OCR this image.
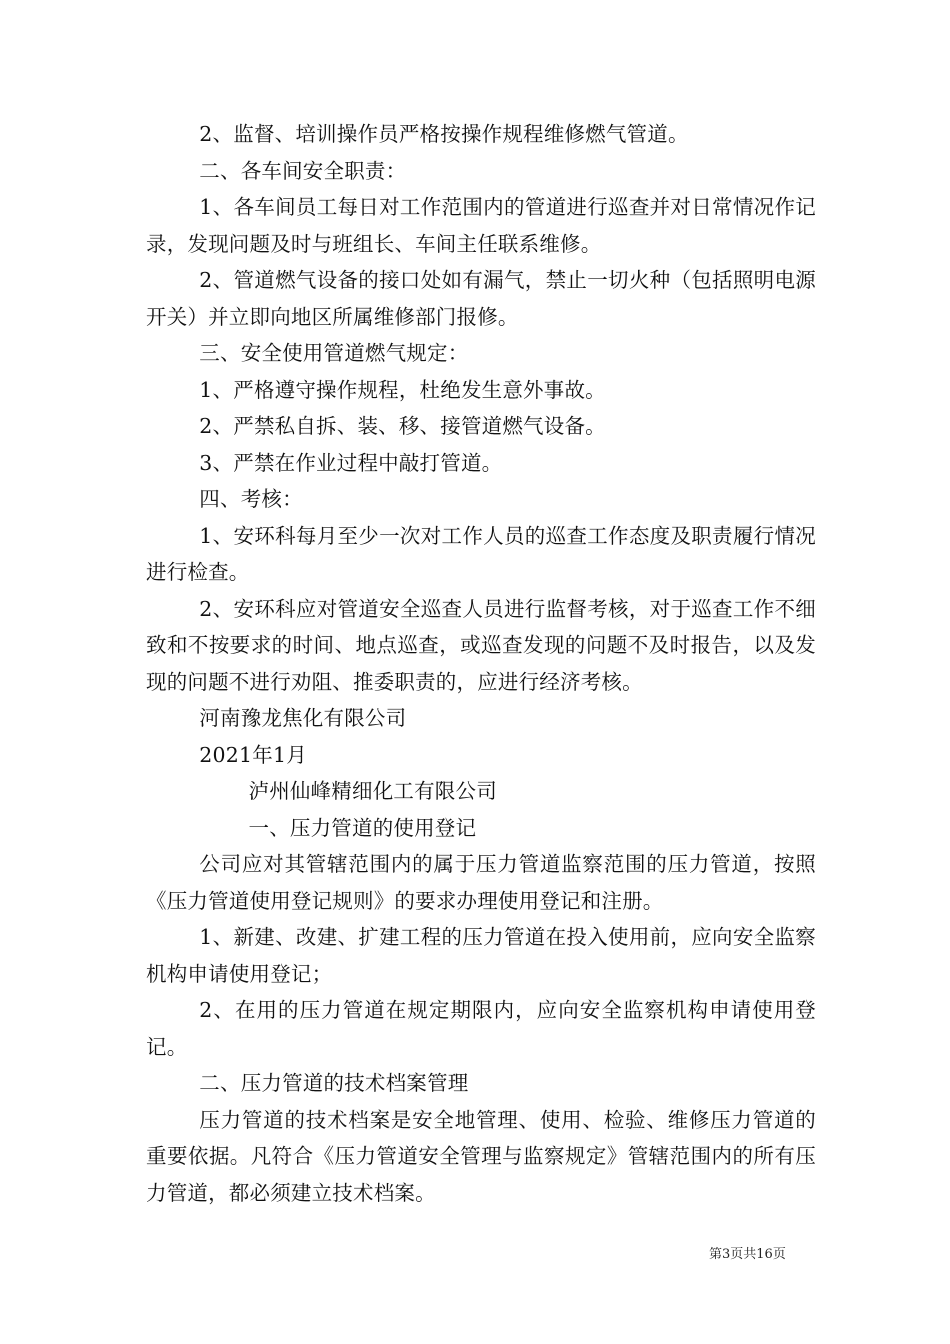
2、监督、培训操作员严格按操作规程维修燃气管道。

二、各车间安全职责：

1、各车间员工每日对工作范围内的管道进行巡查并对日常情况作记录，发现问题及时与班组长、车间主任联系维修。

2、管道燃气设备的接口处如有漏气，禁止一切火种（包括照明电源开关）并立即向地区所属维修部门报修。

三、安全使用管道燃气规定：

1、严格遵守操作规程，杜绝发生意外事故。

2、严禁私自拆、装、移、接管道燃气设备。

3、严禁在作业过程中敲打管道。

四、考核：

1、安环科每月至少一次对工作人员的巡查工作态度及职责履行情况进行检查。

2、安环科应对管道安全巡查人员进行监督考核，对于巡查工作不细致和不按要求的时间、地点巡查，或巡查发现的问题不及时报告，以及发现的问题不进行劝阻、推委职责的，应进行经济考核。

河南豫龙焦化有限公司

2021年1月

泸州仙峰精细化工有限公司

一、压力管道的使用登记

公司应对其管辖范围内的属于压力管道监察范围的压力管道，按照《压力管道使用登记规则》的要求办理使用登记和注册。

1、新建、改建、扩建工程的压力管道在投入使用前，应向安全监察机构申请使用登记；

2、在用的压力管道在规定期限内，应向安全监察机构申请使用登记。

二、压力管道的技术档案管理

压力管道的技术档案是安全地管理、使用、检验、维修压力管道的重要依据。凡符合《压力管道安全管理与监察规定》管辖范围内的所有压力管道，都必须建立技术档案。

第3页共16页
